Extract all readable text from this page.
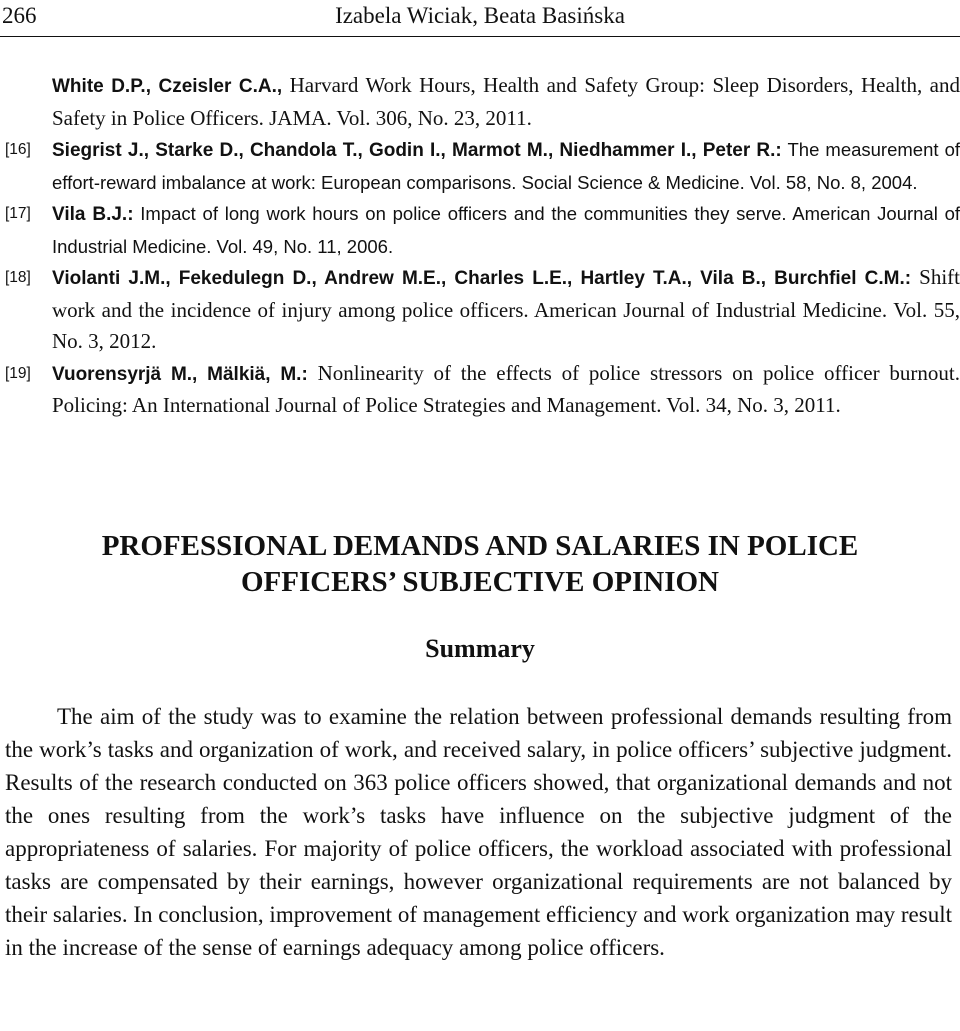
266	Izabela Wiciak, Beata Basińska
White D.P., Czeisler C.A., Harvard Work Hours, Health and Safety Group: Sleep Disorders, Health, and Safety in Police Officers. JAMA. Vol. 306, No. 23, 2011.
[16] Siegrist J., Starke D., Chandola T., Godin I., Marmot M., Niedhammer I., Peter R.: The measurement of effort-reward imbalance at work: European comparisons. Social Science & Medicine. Vol. 58, No. 8, 2004.
[17] Vila B.J.: Impact of long work hours on police officers and the communities they serve. American Journal of Industrial Medicine. Vol. 49, No. 11, 2006.
[18] Violanti J.M., Fekedulegn D., Andrew M.E., Charles L.E., Hartley T.A., Vila B., Burchfiel C.M.: Shift work and the incidence of injury among police officers. American Journal of Industrial Medicine. Vol. 55, No. 3, 2012.
[19] Vuorensyrjä M., Mälkiä, M.: Nonlinearity of the effects of police stressors on police officer burnout. Policing: An International Journal of Police Strategies and Management. Vol. 34, No. 3, 2011.
PROFESSIONAL DEMANDS AND SALARIES IN POLICE
OFFICERS’ SUBJECTIVE OPINION
Summary
The aim of the study was to examine the relation between professional demands resulting from the work’s tasks and organization of work, and received salary, in police officers’ subjective judgment. Results of the research conducted on 363 police officers showed, that organizational demands and not the ones resulting from the work’s tasks have influence on the subjective judgment of the appropriateness of salaries. For majority of police officers, the workload associated with professional tasks are compensated by their earnings, however organizational requirements are not balanced by their salaries. In conclusion, improvement of management efficiency and work organization may result in the increase of the sense of earnings adequacy among police officers.
